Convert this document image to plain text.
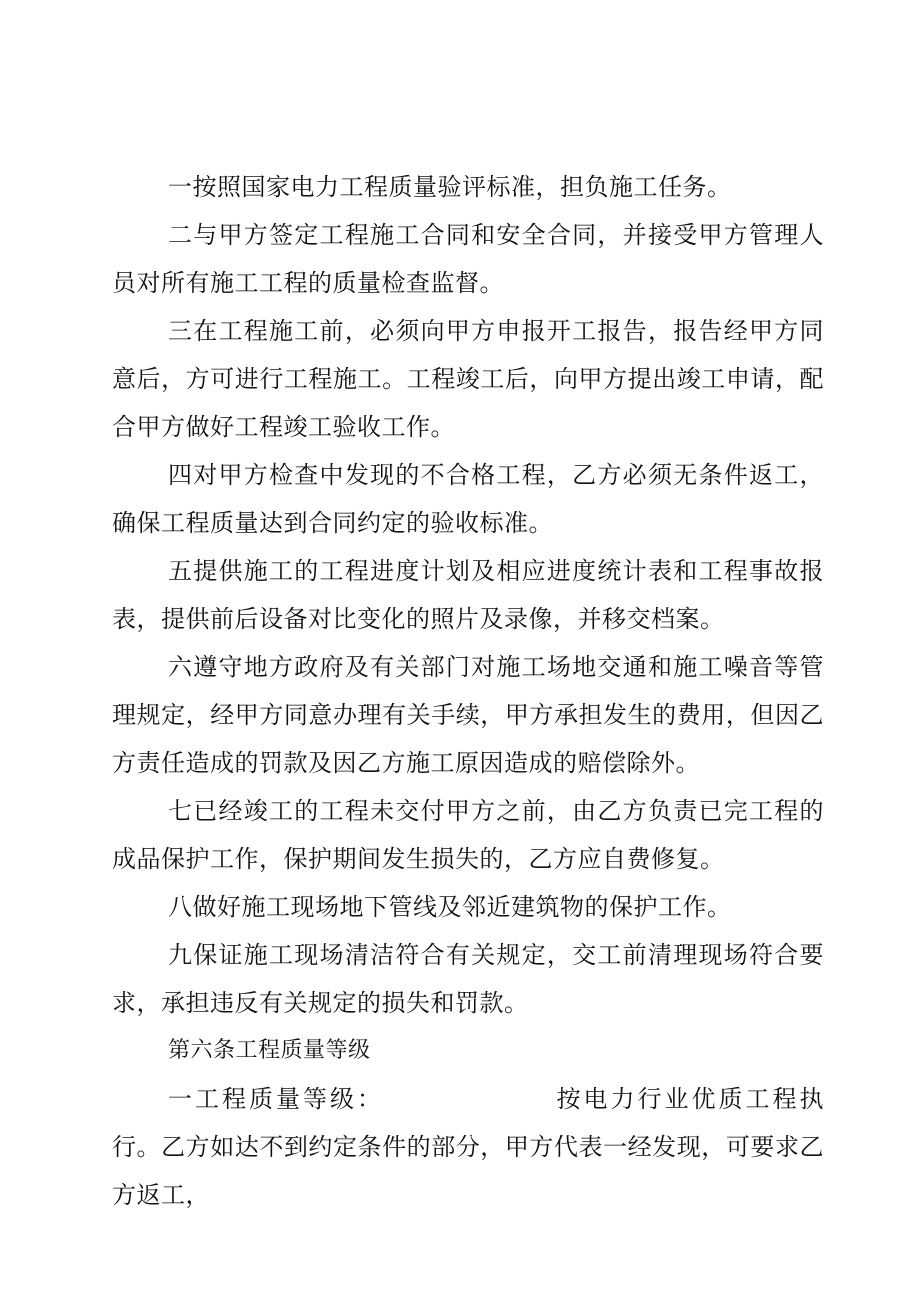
一按照国家电力工程质量验评标准，担负施工任务。

二与甲方签定工程施工合同和安全合同，并接受甲方管理人员对所有施工工程的质量检查监督。

三在工程施工前，必须向甲方申报开工报告，报告经甲方同意后，方可进行工程施工。工程竣工后，向甲方提出竣工申请，配合甲方做好工程竣工验收工作。

四对甲方检查中发现的不合格工程，乙方必须无条件返工，确保工程质量达到合同约定的验收标准。

五提供施工的工程进度计划及相应进度统计表和工程事故报表，提供前后设备对比变化的照片及录像，并移交档案。

六遵守地方政府及有关部门对施工场地交通和施工噪音等管理规定，经甲方同意办理有关手续，甲方承担发生的费用，但因乙方责任造成的罚款及因乙方施工原因造成的赔偿除外。

七已经竣工的工程未交付甲方之前，由乙方负责已完工程的成品保护工作，保护期间发生损失的，乙方应自费修复。

八做好施工现场地下管线及邻近建筑物的保护工作。

九保证施工现场清洁符合有关规定，交工前清理现场符合要求，承担违反有关规定的损失和罚款。

第六条工程质量等级

一工程质量等级：	按电力行业优质工程执行。乙方如达不到约定条件的部分，甲方代表一经发现，可要求乙方返工，
